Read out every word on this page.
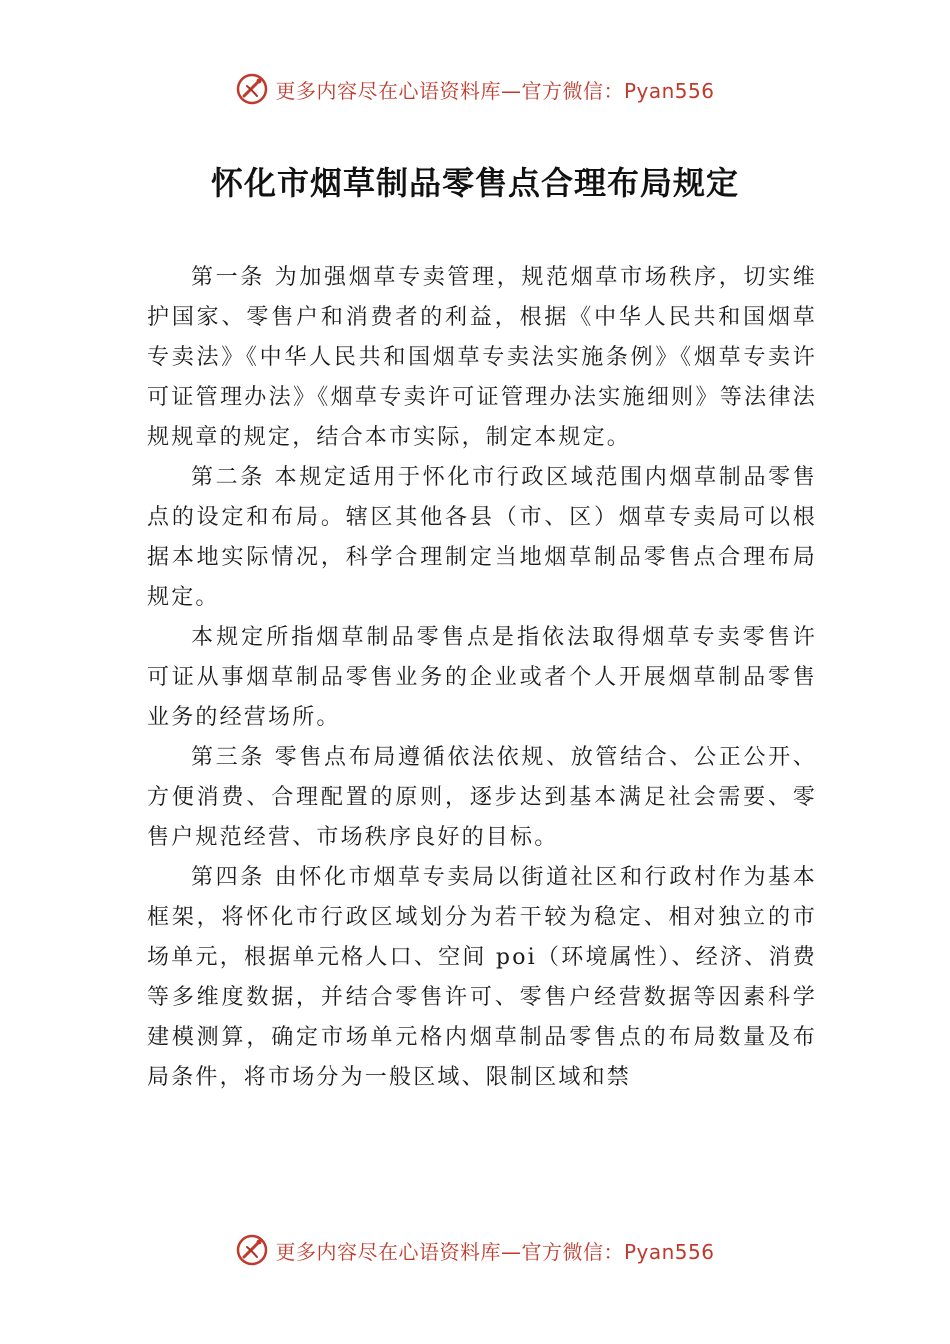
更多内容尽在心语资料库—官方微信：Pyan556
怀化市烟草制品零售点合理布局规定

第一条 为加强烟草专卖管理，规范烟草市场秩序，切实维护国家、零售户和消费者的利益，根据《中华人民共和国烟草专卖法》《中华人民共和国烟草专卖法实施条例》《烟草专卖许可证管理办法》《烟草专卖许可证管理办法实施细则》等法律法规规章的规定，结合本市实际，制定本规定。

第二条 本规定适用于怀化市行政区域范围内烟草制品零售点的设定和布局。辖区其他各县（市、区）烟草专卖局可以根据本地实际情况，科学合理制定当地烟草制品零售点合理布局规定。

本规定所指烟草制品零售点是指依法取得烟草专卖零售许可证从事烟草制品零售业务的企业或者个人开展烟草制品零售业务的经营场所。

第三条 零售点布局遵循依法依规、放管结合、公正公开、方便消费、合理配置的原则，逐步达到基本满足社会需要、零售户规范经营、市场秩序良好的目标。

第四条 由怀化市烟草专卖局以街道社区和行政村作为基本框架，将怀化市行政区域划分为若干较为稳定、相对独立的市场单元，根据单元格人口、空间 poi（环境属性）、经济、消费等多维度数据，并结合零售许可、零售户经营数据等因素科学建模测算，确定市场单元格内烟草制品零售点的布局数量及布局条件，将市场分为一般区域、限制区域和禁

更多内容尽在心语资料库—官方微信：Pyan556
